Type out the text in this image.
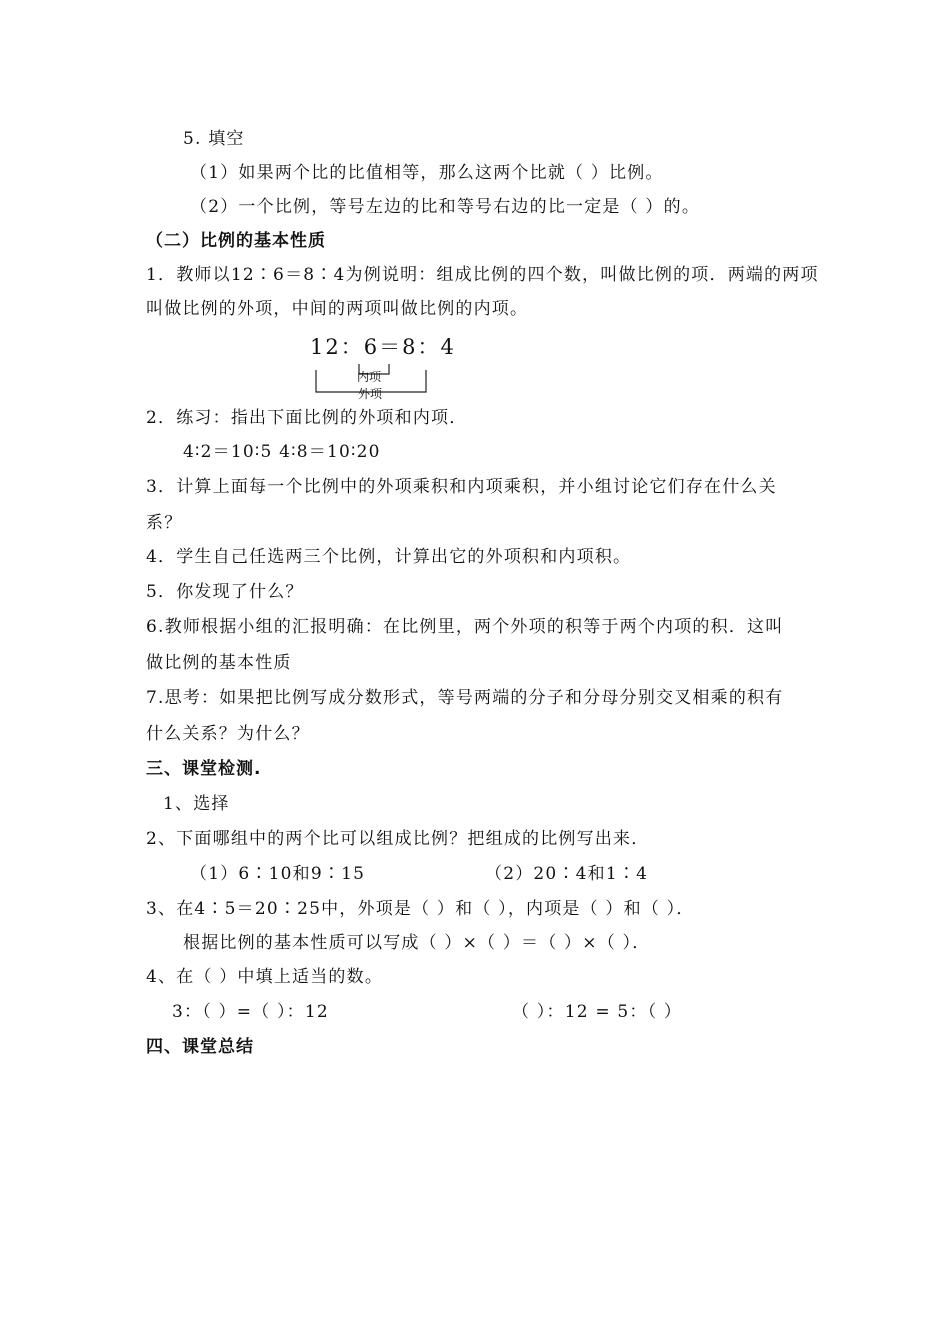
5. 填空
（1）如果两个比的比值相等，那么这两个比就（ ）比例。
（2）一个比例，等号左边的比和等号右边的比一定是（ ）的。
（二）比例的基本性质
1．教师以12∶6＝8∶4为例说明：组成比例的四个数，叫做比例的项．两端的两项
叫做比例的外项，中间的两项叫做比例的内项。
12：6＝8：4
内项
外项
2．练习：指出下面比例的外项和内项．
4∶2＝10∶5 4∶8＝10∶20
3．计算上面每一个比例中的外项乘积和内项乘积，并小组讨论它们存在什么关
系？
4．学生自己任选两三个比例，计算出它的外项积和内项积。
5．你发现了什么？
6.教师根据小组的汇报明确：在比例里，两个外项的积等于两个内项的积．这叫
做比例的基本性质
7.思考：如果把比例写成分数形式，等号两端的分子和分母分别交叉相乘的积有
什么关系？为什么？
三、课堂检测.
1、选择
2、下面哪组中的两个比可以组成比例？把组成的比例写出来．
（1）6∶10和9∶15	（2）20∶4和1∶4
3、在4∶5＝20∶25中，外项是（ ）和（ ），内项是（ ）和（ ）．
根据比例的基本性质可以写成（ ）×（ ）＝（ ）×（ ）．
4、在（ ）中填上适当的数。
3：（ ）=（ ）：12	（ ）：12 = 5：（ ）
四、课堂总结
